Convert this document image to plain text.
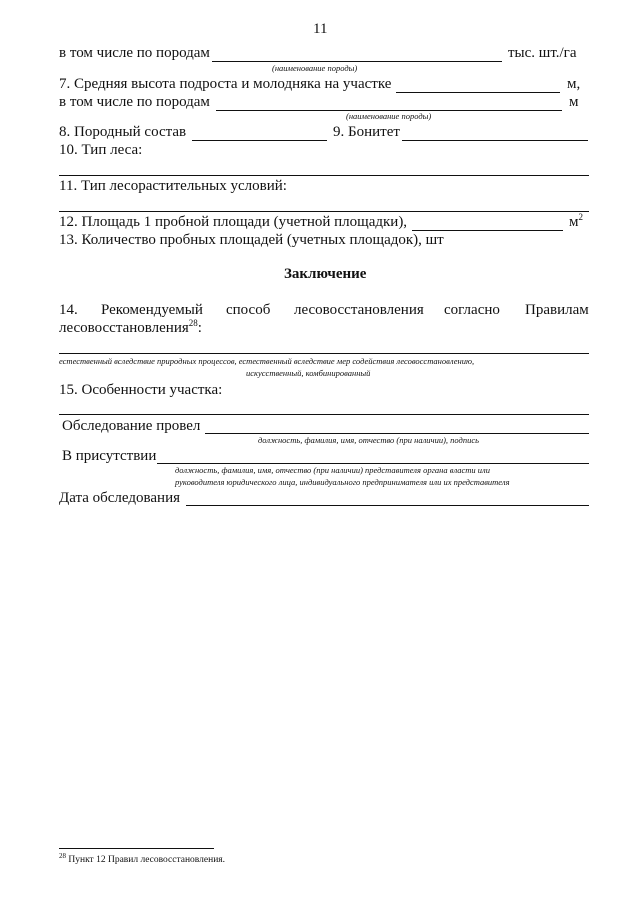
11
в том числе по породам	тыс. шт./га
(наименование породы)
7. Средняя высота подроста и молодняка на участке	м,
в том числе по породам	м
(наименование породы)
8. Породный состав	9. Бонитет
10. Тип леса:
11. Тип лесорастительных условий:
12. Площадь 1 пробной площади (учетной площадки),	$м^2$
13. Количество пробных площадей (учетных площадок), шт
Заключение
14. Рекомендуемый способ лесовосстановления согласно Правилам
лесовосстановления$^{28}$:
естественный вследствие природных процессов, естественный вследствие мер содействия лесовосстановлению,
искусственный, комбинированный
15. Особенности участка:
Обследование провел
должность, фамилия, имя, отчество (при наличии), подпись
В присутствии
должность, фамилия, имя, отчество (при наличии) представителя органа власти или
руководителя юридического лица, индивидуального предпринимателя или их представителя
Дата обследования
$^{28}$ Пункт 12 Правил лесовосстановления.
